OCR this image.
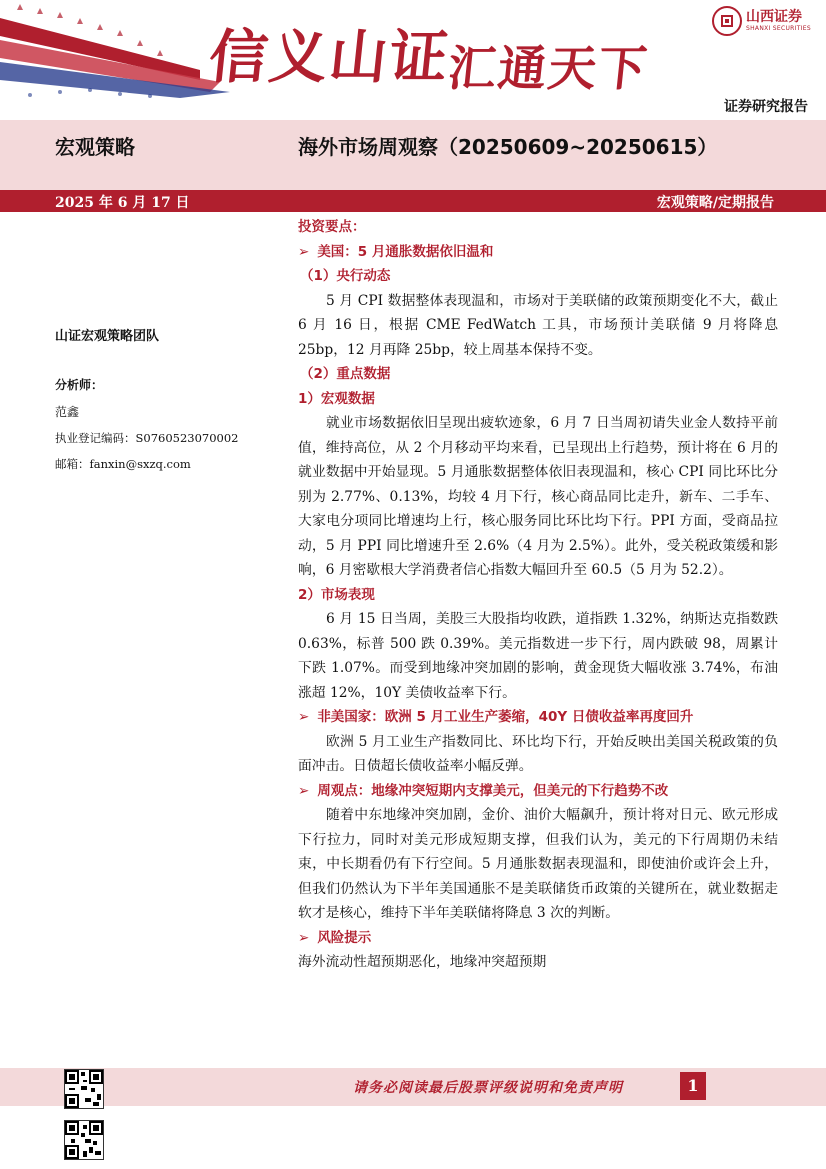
信义山证汇通天下
山西证券
SHANXI SECURITIES
证券研究报告
宏观策略	海外市场周观察（20250609~20250615）
2025 年 6 月 17 日	宏观策略/定期报告
山证宏观策略团队
分析师：
范鑫
执业登记编码：S0760523070002
邮箱：fanxin@sxzq.com

投资要点：

➢ 美国：5 月通胀数据依旧温和

（1）央行动态

5 月 CPI 数据整体表现温和，市场对于美联储的政策预期变化不大，截止 6 月 16 日，根据 CME FedWatch 工具，市场预计美联储 9 月将降息 25bp，12 月再降 25bp，较上周基本保持不变。

（2）重点数据

1）宏观数据

就业市场数据依旧呈现出疲软迹象，6 月 7 日当周初请失业金人数持平前值，维持高位，从 2 个月移动平均来看，已呈现出上行趋势，预计将在 6 月的就业数据中开始显现。5 月通胀数据整体依旧表现温和，核心 CPI 同比环比分别为 2.77%、0.13%，均较 4 月下行，核心商品同比走升，新车、二手车、大家电分项同比增速均上行，核心服务同比环比均下行。PPI 方面，受商品拉动，5 月 PPI 同比增速升至 2.6%（4 月为 2.5%）。此外，受关税政策缓和影响，6 月密歇根大学消费者信心指数大幅回升至 60.5（5 月为 52.2）。

2）市场表现

6 月 15 日当周，美股三大股指均收跌，道指跌 1.32%，纳斯达克指数跌 0.63%，标普 500 跌 0.39%。美元指数进一步下行，周内跌破 98，周累计下跌 1.07%。而受到地缘冲突加剧的影响，黄金现货大幅收涨 3.74%，布油涨超 12%，10Y 美债收益率下行。

➢ 非美国家：欧洲 5 月工业生产萎缩，40Y 日债收益率再度回升

欧洲 5 月工业生产指数同比、环比均下行，开始反映出美国关税政策的负面冲击。日债超长债收益率小幅反弹。

➢ 周观点：地缘冲突短期内支撑美元，但美元的下行趋势不改

随着中东地缘冲突加剧，金价、油价大幅飙升，预计将对日元、欧元形成下行拉力，同时对美元形成短期支撑，但我们认为，美元的下行周期仍未结束，中长期看仍有下行空间。5 月通胀数据表现温和，即使油价或许会上升，但我们仍然认为下半年美国通胀不是美联储货币政策的关键所在，就业数据走软才是核心，维持下半年美联储将降息 3 次的判断。

➢ 风险提示

海外流动性超预期恶化，地缘冲突超预期

请务必阅读最后股票评级说明和免责声明	1
